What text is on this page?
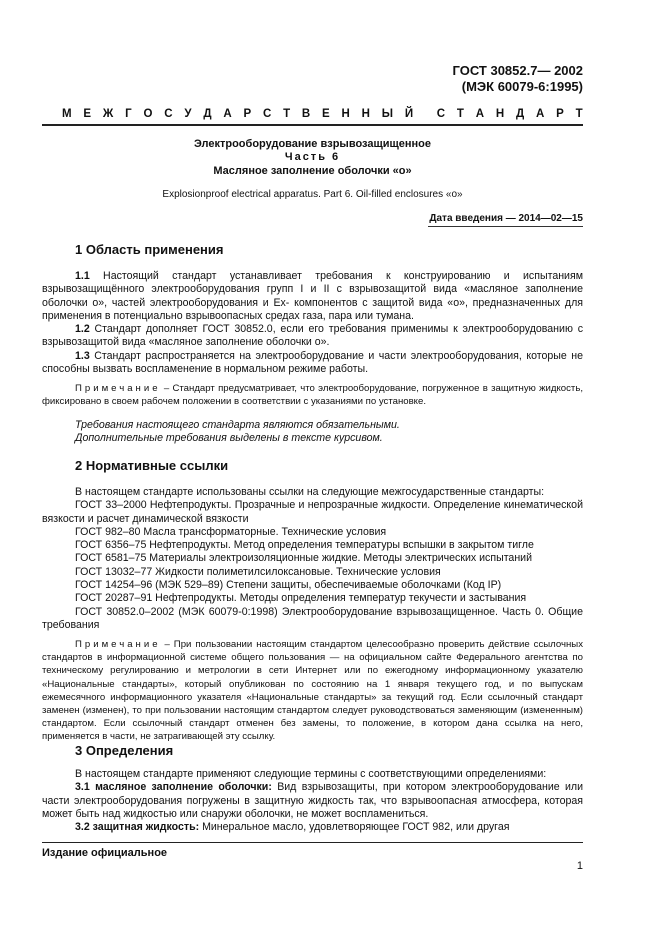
ГОСТ 30852.7— 2002
(МЭК 60079-6:1995)
М Е Ж Г О С У Д А Р С Т В Е Н Н Ы Й С Т А Н Д А Р Т
Электрооборудование взрывозащищенное
Часть 6
Масляное заполнение оболочки «о»
Explosionproof electrical apparatus. Part 6. Oil-filled enclosures «о»
Дата введения — 2014—02—15
1 Область применения

1.1 Настоящий стандарт устанавливает требования к конструированию и испытаниям взрывозащищённого электрооборудования групп I и II с взрывозащитой вида «масляное заполнение оболочки о», частей электрооборудования и Ex- компонентов с защитой вида «о», предназначенных для применения в потенциально взрывоопасных средах газа, пара или тумана.

1.2 Стандарт дополняет ГОСТ 30852.0, если его требования применимы к электрооборудованию с взрывозащитой вида «масляное заполнение оболочки о».

1.3 Стандарт распространяется на электрооборудование и части электрооборудования, которые не способны вызвать воспламенение в нормальном режиме работы.

Примечание – Стандарт предусматривает, что электрооборудование, погруженное в защитную жидкость, фиксировано в своем рабочем положении в соответствии с указаниями по установке.

Требования настоящего стандарта являются обязательными.

Дополнительные требования выделены в тексте курсивом.

2 Нормативные ссылки

В настоящем стандарте использованы ссылки на следующие межгосударственные стандарты:

ГОСТ 33–2000 Нефтепродукты. Прозрачные и непрозрачные жидкости. Определение кинематической вязкости и расчет динамической вязкости

ГОСТ 982–80 Масла трансформаторные. Технические условия

ГОСТ 6356–75 Нефтепродукты. Метод определения температуры вспышки в закрытом тигле

ГОСТ 6581–75 Материалы электроизоляционные жидкие. Методы электрических испытаний

ГОСТ 13032–77 Жидкости полиметилсилоксановые. Технические условия

ГОСТ 14254–96 (МЭК 529–89) Степени защиты, обеспечиваемые оболочками (Код IP)

ГОСТ 20287–91 Нефтепродукты. Методы определения температур текучести и застывания

ГОСТ 30852.0–2002 (МЭК 60079-0:1998) Электрооборудование взрывозащищенное. Часть 0. Общие требования

Примечание – При пользовании настоящим стандартом целесообразно проверить действие ссылочных стандартов в информационной системе общего пользования — на официальном сайте Федерального агентства по техническому регулированию и метрологии в сети Интернет или по ежегодному информационному указателю «Национальные стандарты», который опубликован по состоянию на 1 января текущего год, и по выпускам ежемесячного информационного указателя «Национальные стандарты» за текущий год. Если ссылочный стандарт заменен (изменен), то при пользовании настоящим стандартом следует руководствоваться заменяющим (измененным) стандартом. Если ссылочный стандарт отменен без замены, то положение, в котором дана ссылка на него, применяется в части, не затрагивающей эту ссылку.

3 Определения

В настоящем стандарте применяют следующие термины с соответствующими определениями:

3.1 масляное заполнение оболочки: Вид взрывозащиты, при котором электрооборудование или части электрооборудования погружены в защитную жидкость так, что взрывоопасная атмосфера, которая может быть над жидкостью или снаружи оболочки, не может воспламениться.

3.2 защитная жидкость: Минеральное масло, удовлетворяющее ГОСТ 982, или другая

Издание официальное
1
